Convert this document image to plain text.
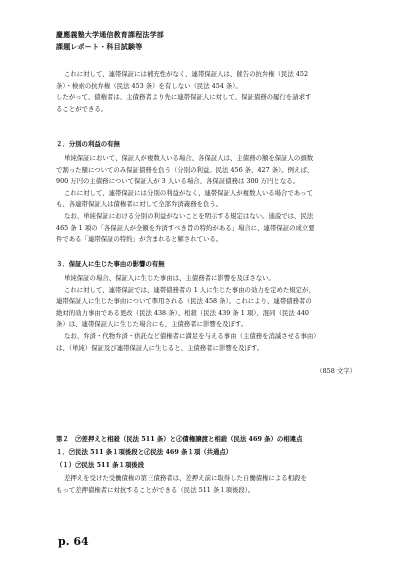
慶應義塾大学通信教育課程法学部
課題レポート・科目試験等
これに対して、連帯保証には補充性がなく、連帯保証人は、催告の抗弁権（民法 452
条）・検索の抗弁権（民法 453 条）を有しない（民法 454 条）。
したがって、債権者は、主債務者より先に連帯保証人に対して、保証債務の履行を請求す
ることができる。
２．分別の利益の有無
単純保証において、保証人が複数人いる場合、各保証人は、主債務の額を保証人の頭数
で割った額についてのみ保証債務を負う（分別の利益。民法 456 条、427 条）。例えば、
900 万円の主債務について保証人が 3 人いる場合、各保証債務は 300 万円となる。
これに対して、連帯保証には分別の利益がなく、連帯保証人が複数人いる場合であって
も、各連帯保証人は債権者に対して全部弁済義務を負う。
なお、単純保証における分別の利益がないことを明示する規定はない。通説では、民法
465 条 1 項の「各保証人が全額を弁済すべき旨の特約がある」場合に、連帯保証の成立要
件である「連帯保証の特約」が含まれると解されている。
３．保証人に生じた事由の影響の有無
単純保証の場合、保証人に生じた事由は、主債務者に影響を及ぼさない。
これに対して、連帯保証では、連帯債務者の 1 人に生じた事由の効力を定めた規定が、
連帯保証人に生じた事由について準用される（民法 458 条）。これにより、連帯債務者の
絶対的効力事由である更改（民法 438 条）、相殺（民法 439 条 1 項）、混同（民法 440
条）は、連帯保証人に生じた場合にも、主債務者に影響を及ぼす。
なお、弁済・代物弁済・供託など債権者に満足を与える事由（主債務を消滅させる事由）
は、（単純）保証及び連帯保証人に生じると、主債務者に影響を及ぼす。
（858 文字）
第２　㋐差押えと相殺（民法 511 条）と㋑債権譲渡と相殺（民法 469 条）の相違点
１．㋐民法 511 条１項後段と㋑民法 469 条１項（共通点）
（１）㋐民法 511 条１項後段
差押えを受けた受働債権の第三債務者は、差押え前に取得した自働債権による相殺を
もって差押債権者に対抗することができる（民法 511 条１項後段）。
p. 64
